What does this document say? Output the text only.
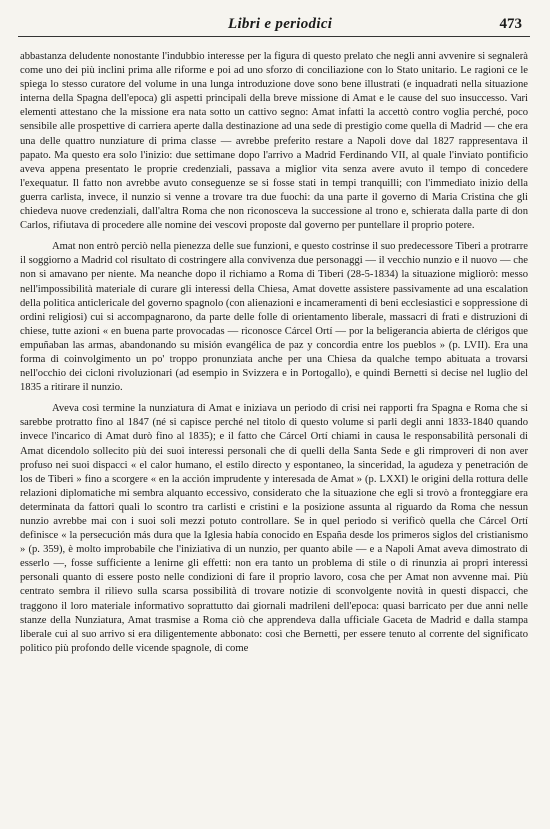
Libri e periodici	473

abbastanza deludente nonostante l'indubbio interesse per la figura di questo prelato che negli anni avvenire si segnalerà come uno dei più inclini prima alle riforme e poi ad uno sforzo di conciliazione con lo Stato unitario. Le ragioni ce le spiega lo stesso curatore del volume in una lunga introduzione dove sono bene illustrati (e inquadrati nella situazione interna della Spagna dell'epoca) gli aspetti principali della breve missione di Amat e le cause del suo insuccesso. Vari elementi attestano che la missione era nata sotto un cattivo segno: Amat infatti la accettò contro voglia perché, poco sensibile alle prospettive di carriera aperte dalla destinazione ad una sede di prestigio come quella di Madrid — che era una delle quattro nunziature di prima classe — avrebbe preferito restare a Napoli dove dal 1827 rappresentava il papato. Ma questo era solo l'inizio: due settimane dopo l'arrivo a Madrid Ferdinando VII, al quale l'inviato pontificio aveva appena presentato le proprie credenziali, passava a miglior vita senza avere avuto il tempo di concedere l'exequatur. Il fatto non avrebbe avuto conseguenze se si fosse stati in tempi tranquilli; con l'immediato inizio della guerra carlista, invece, il nunzio si venne a trovare tra due fuochi: da una parte il governo di Maria Cristina che gli chiedeva nuove credenziali, dall'altra Roma che non riconosceva la successione al trono e, schierata dalla parte di don Carlos, rifiutava di procedere alle nomine dei vescovi proposte dal governo per puntellare il proprio potere.

Amat non entrò perciò nella pienezza delle sue funzioni, e questo costrinse il suo predecessore Tiberi a protrarre il soggiorno a Madrid col risultato di costringere alla convivenza due personaggi — il vecchio nunzio e il nuovo — che non si amavano per niente. Ma neanche dopo il richiamo a Roma di Tiberi (28-5-1834) la situazione migliorò: messo nell'impossibilità materiale di curare gli interessi della Chiesa, Amat dovette assistere passivamente ad una escalation della politica anticlericale del governo spagnolo (con alienazioni e incameramenti di beni ecclesiastici e soppressione di ordini religiosi) cui si accompagnarono, da parte delle folle di orientamento liberale, massacri di frati e distruzioni di chiese, tutte azioni « en buena parte provocadas — riconosce Cárcel Ortí — por la beligerancia abierta de clérigos que empuñaban las armas, abandonando su misión evangélica de paz y concordia entre los pueblos » (p. LVII). Era una forma di coinvolgimento un po' troppo pronunziata anche per una Chiesa da qualche tempo abituata a trovarsi nell'occhio dei cicloni rivoluzionari (ad esempio in Svizzera e in Portogallo), e quindi Bernetti si decise nel luglio del 1835 a ritirare il nunzio.

Aveva così termine la nunziatura di Amat e iniziava un periodo di crisi nei rapporti fra Spagna e Roma che si sarebbe protratto fino al 1847 (né si capisce perché nel titolo di questo volume si parli degli anni 1833-1840 quando invece l'incarico di Amat durò fino al 1835); e il fatto che Cárcel Ortí chiami in causa le responsabilità personali di Amat dicendolo sollecito più dei suoi interessi personali che di quelli della Santa Sede e gli rimproveri di non aver profuso nei suoi dispacci « el calor humano, el estilo directo y espontaneo, la sinceridad, la agudeza y penetración de los de Tiberi » fino a scorgere « en la acción imprudente y interesada de Amat » (p. LXXI) le origini della rottura delle relazioni diplomatiche mi sembra alquanto eccessivo, considerato che la situazione che egli si trovò a fronteggiare era determinata da fattori quali lo scontro tra carlisti e cristini e la posizione assunta al riguardo da Roma che nessun nunzio avrebbe mai con i suoi soli mezzi potuto controllare. Se in quel periodo si verificò quella che Cárcel Ortí definisce « la persecución más dura que la Iglesia había conocido en España desde los primeros siglos del cristianismo » (p. 359), è molto improbabile che l'iniziativa di un nunzio, per quanto abile — e a Napoli Amat aveva dimostrato di esserlo —, fosse sufficiente a lenirne gli effetti: non era tanto un problema di stile o di rinunzia ai propri interessi personali quanto di essere posto nelle condizioni di fare il proprio lavoro, cosa che per Amat non avvenne mai. Più centrato sembra il rilievo sulla scarsa possibilità di trovare notizie di sconvolgente novità in questi dispacci, che traggono il loro materiale informativo soprattutto dai giornali madrileni dell'epoca: quasi barricato per due anni nelle stanze della Nunziatura, Amat trasmise a Roma ciò che apprendeva dalla ufficiale Gaceta de Madrid e dalla stampa liberale cui al suo arrivo si era diligentemente abbonato: così che Bernetti, per essere tenuto al corrente del significato politico più profondo delle vicende spagnole, di come
